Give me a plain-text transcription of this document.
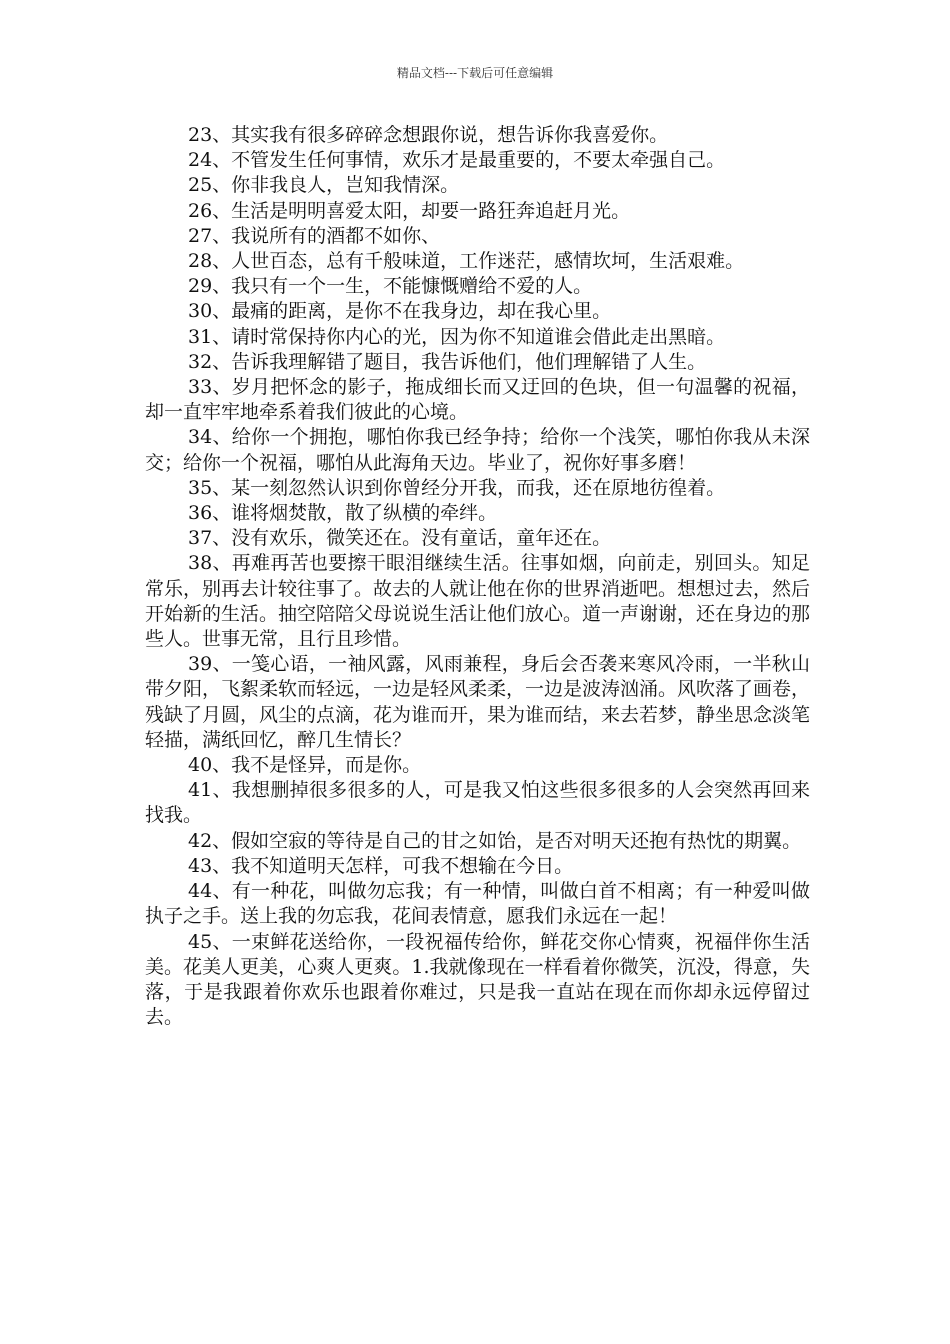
精品文档---下载后可任意编辑

23、其实我有很多碎碎念想跟你说，想告诉你我喜爱你。

24、不管发生任何事情，欢乐才是最重要的，不要太牵强自己。

25、你非我良人，岂知我情深。

26、生活是明明喜爱太阳，却要一路狂奔追赶月光。

27、我说所有的酒都不如你、

28、人世百态，总有千般味道，工作迷茫，感情坎坷，生活艰难。

29、我只有一个一生，不能慷慨赠给不爱的人。

30、最痛的距离，是你不在我身边，却在我心里。

31、请时常保持你内心的光，因为你不知道谁会借此走出黑暗。

32、告诉我理解错了题目，我告诉他们，他们理解错了人生。

33、岁月把怀念的影子，拖成细长而又迂回的色块，但一句温馨的祝福，却一直牢牢地牵系着我们彼此的心境。

34、给你一个拥抱，哪怕你我已经争持；给你一个浅笑，哪怕你我从未深交；给你一个祝福，哪怕从此海角天边。毕业了，祝你好事多磨！

35、某一刻忽然认识到你曾经分开我，而我，还在原地彷徨着。

36、谁将烟焚散，散了纵横的牵绊。

37、没有欢乐，微笑还在。没有童话，童年还在。

38、再难再苦也要擦干眼泪继续生活。往事如烟，向前走，别回头。知足常乐，别再去计较往事了。故去的人就让他在你的世界消逝吧。想想过去，然后开始新的生活。抽空陪陪父母说说生活让他们放心。道一声谢谢，还在身边的那些人。世事无常，且行且珍惜。

39、一笺心语，一袖风露，风雨兼程，身后会否袭来寒风冷雨，一半秋山带夕阳，飞絮柔软而轻远，一边是轻风柔柔，一边是波涛汹涌。风吹落了画卷，残缺了月圆，风尘的点滴，花为谁而开，果为谁而结，来去若梦，静坐思念淡笔轻描，满纸回忆，醉几生情长？

40、我不是怪异，而是你。

41、我想删掉很多很多的人，可是我又怕这些很多很多的人会突然再回来找我。

42、假如空寂的等待是自己的甘之如饴，是否对明天还抱有热忱的期翼。

43、我不知道明天怎样，可我不想输在今日。

44、有一种花，叫做勿忘我；有一种情，叫做白首不相离；有一种爱叫做执子之手。送上我的勿忘我，花间表情意，愿我们永远在一起！

45、一束鲜花送给你，一段祝福传给你，鲜花交你心情爽，祝福伴你生活美。花美人更美，心爽人更爽。1.我就像现在一样看着你微笑，沉没，得意，失落，于是我跟着你欢乐也跟着你难过，只是我一直站在现在而你却永远停留过去。
